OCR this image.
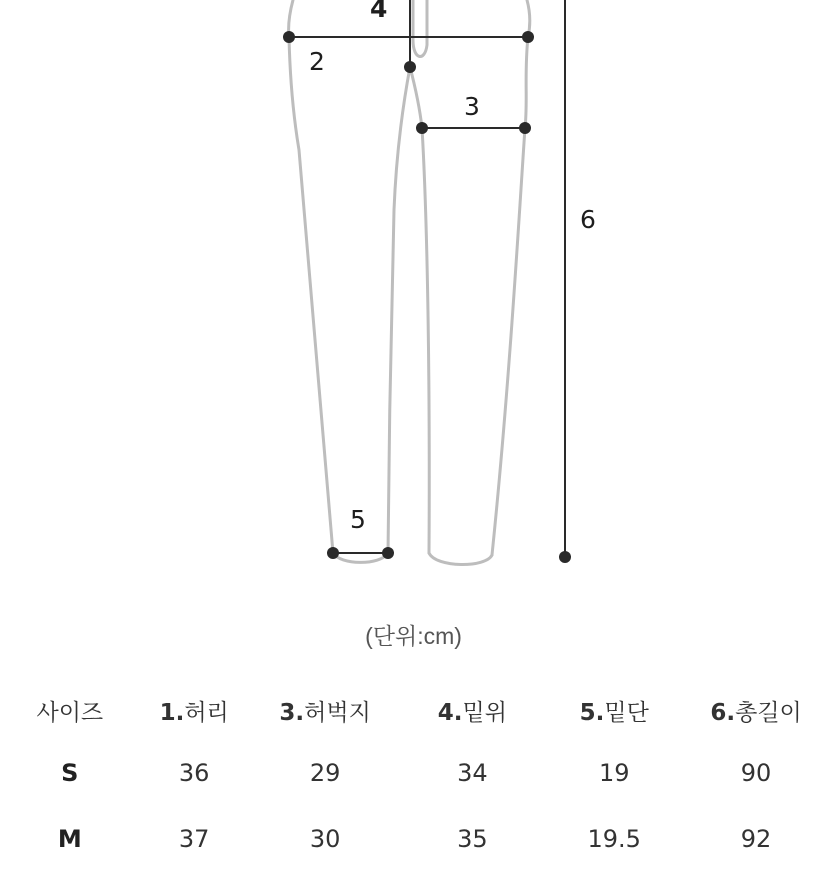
4
2
3
5
6
(단위:cm)
사이즈	1.허리	3.허벅지	4.밑위	5.밑단	6.총길이
S	36	29	34	19	90
M	37	30	35	19.5	92
